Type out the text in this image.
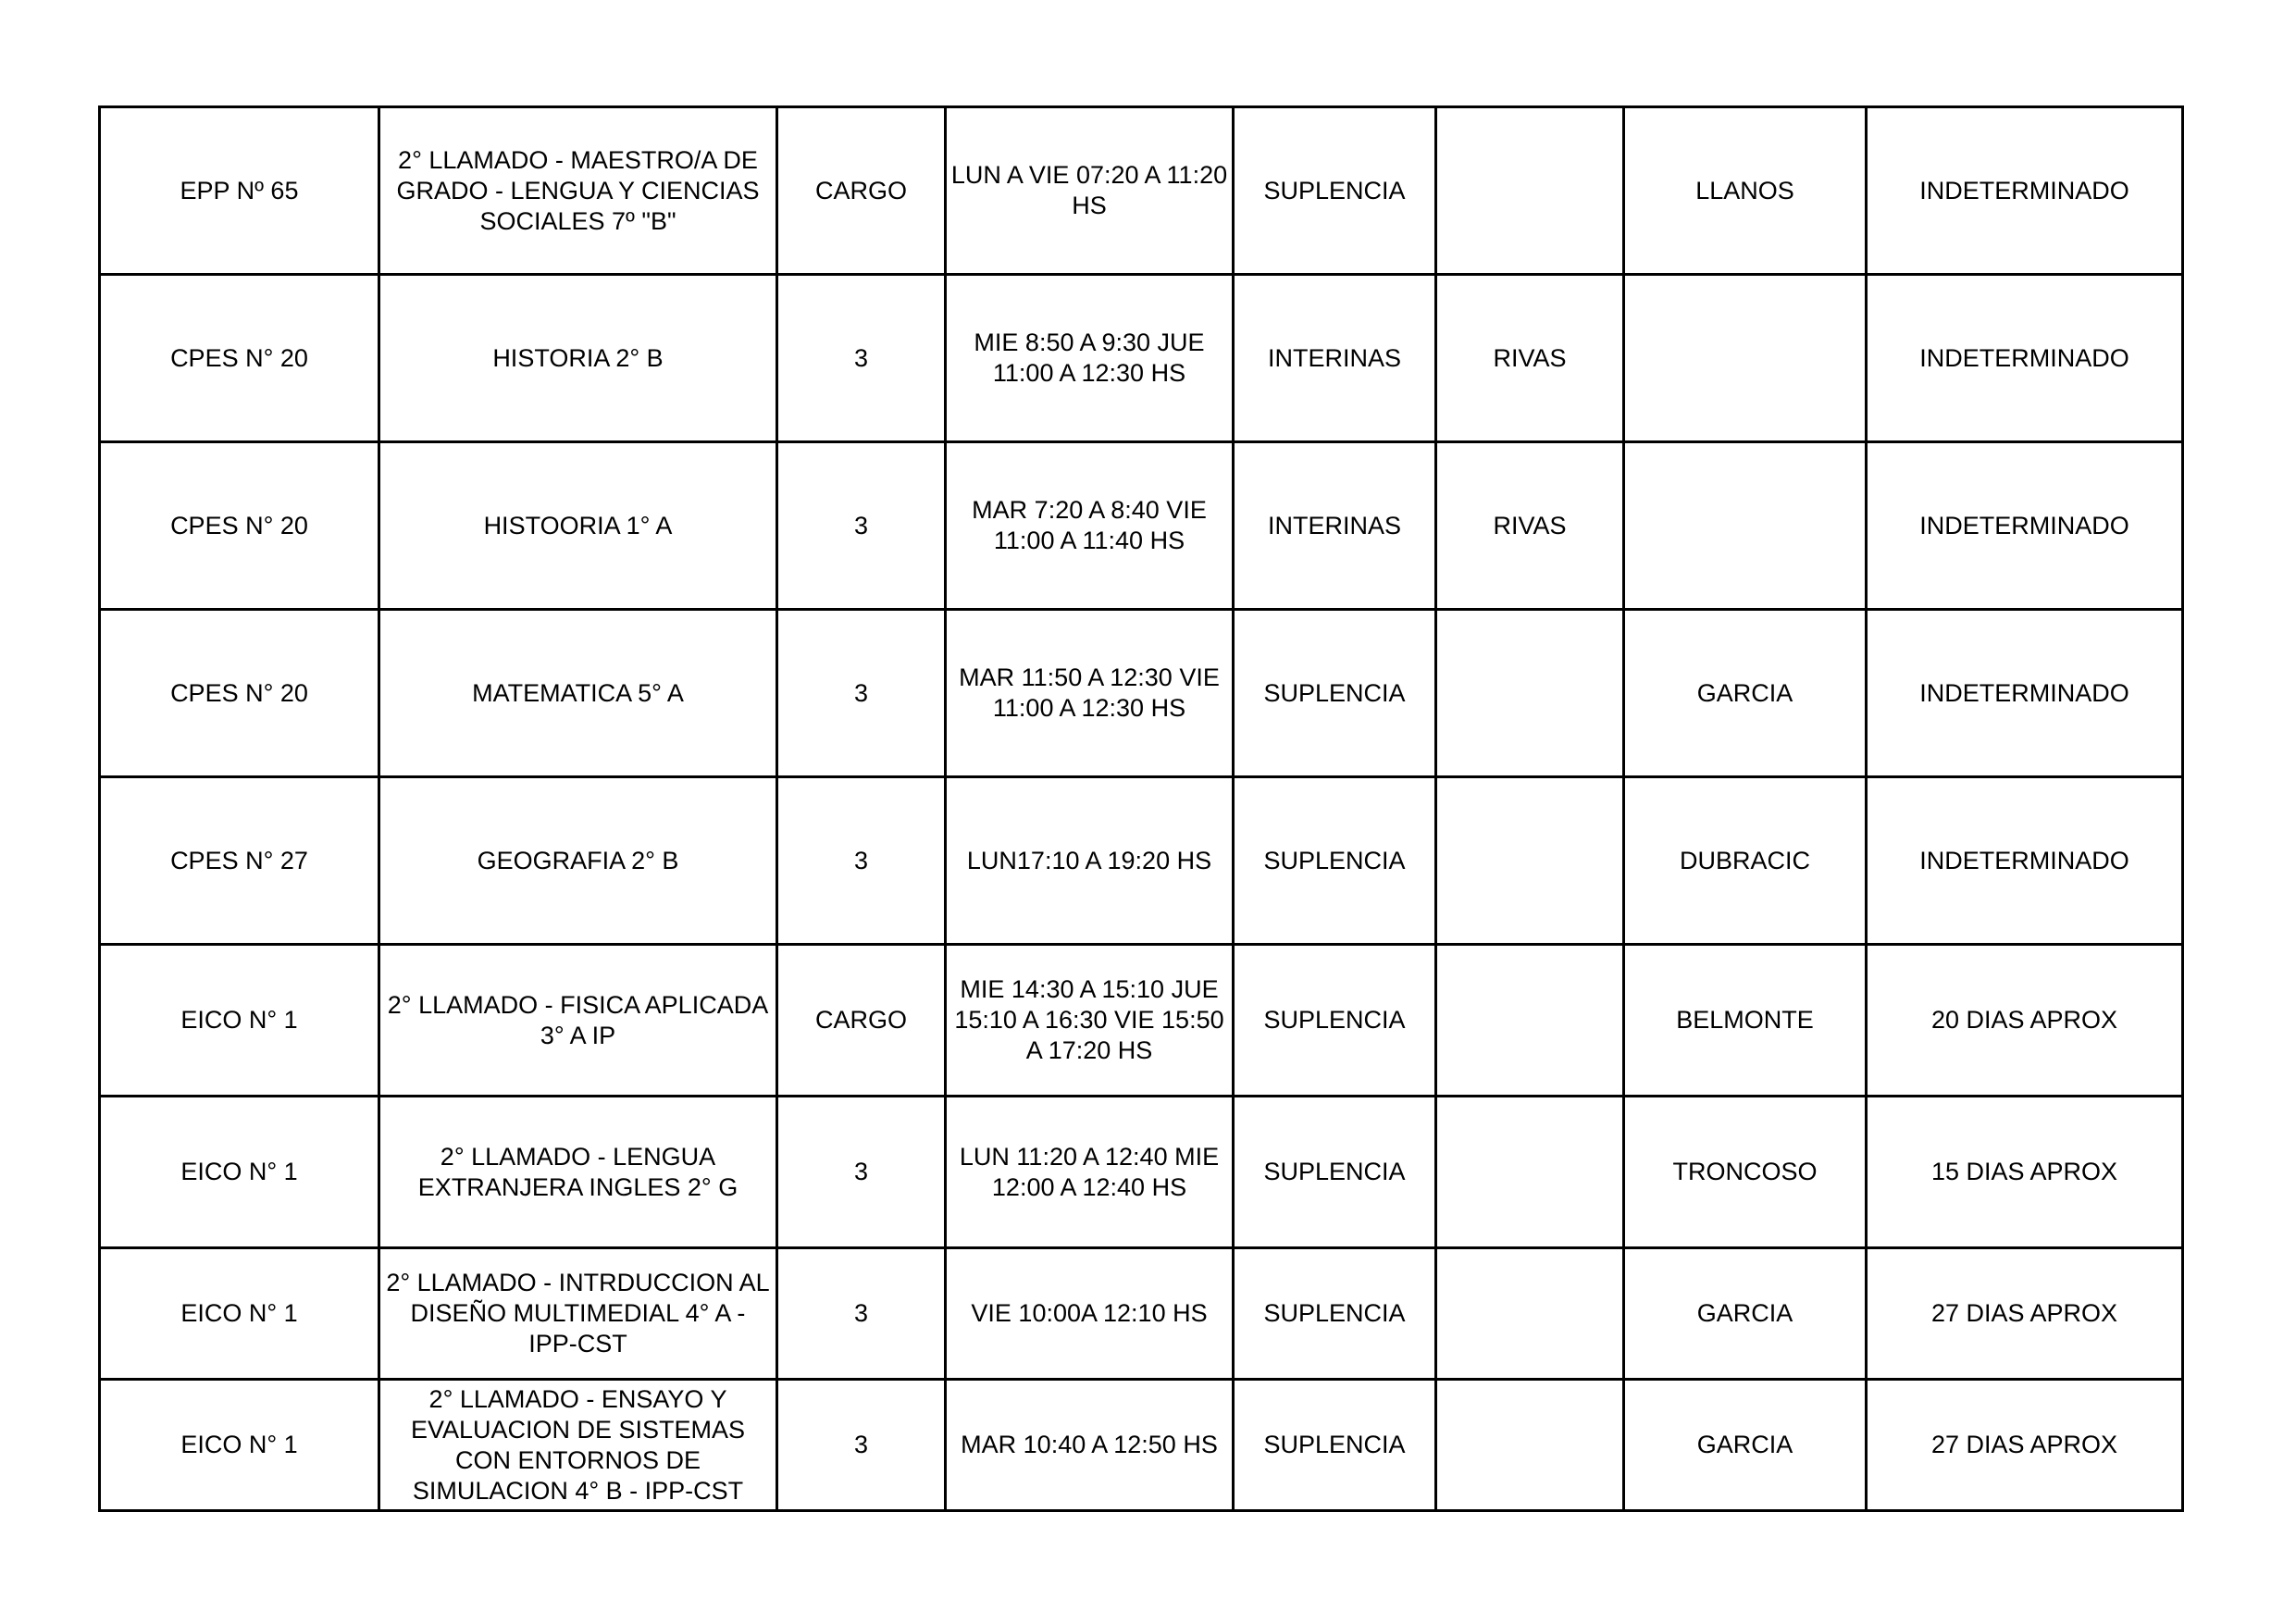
EPP Nº 65	2° LLAMADO - MAESTRO/A DE GRADO - LENGUA Y CIENCIAS SOCIALES 7º "B"	CARGO	LUN A VIE 07:20 A 11:20 HS	SUPLENCIA		LLANOS	INDETERMINADO
CPES N° 20	HISTORIA 2° B	3	MIE 8:50 A 9:30 JUE 11:00 A 12:30 HS	INTERINAS	RIVAS		INDETERMINADO
CPES N° 20	HISTOORIA 1° A	3	MAR 7:20 A 8:40 VIE 11:00 A 11:40 HS	INTERINAS	RIVAS		INDETERMINADO
CPES N° 20	MATEMATICA 5° A	3	MAR 11:50 A 12:30 VIE 11:00 A 12:30 HS	SUPLENCIA		GARCIA	INDETERMINADO
CPES N° 27	GEOGRAFIA 2° B	3	LUN17:10 A 19:20 HS	SUPLENCIA		DUBRACIC	INDETERMINADO
EICO N° 1	2° LLAMADO - FISICA APLICADA 3° A IP	CARGO	MIE 14:30 A 15:10 JUE 15:10 A 16:30 VIE 15:50 A 17:20 HS	SUPLENCIA		BELMONTE	20 DIAS APROX
EICO N° 1	2° LLAMADO - LENGUA EXTRANJERA INGLES 2° G	3	LUN 11:20 A 12:40 MIE 12:00 A 12:40 HS	SUPLENCIA		TRONCOSO	15 DIAS APROX
EICO N° 1	2° LLAMADO - INTRDUCCION AL DISEÑO MULTIMEDIAL 4° A - IPP-CST	3	VIE 10:00A 12:10 HS	SUPLENCIA		GARCIA	27 DIAS APROX
EICO N° 1	2° LLAMADO - ENSAYO Y EVALUACION DE SISTEMAS CON ENTORNOS DE SIMULACION 4° B - IPP-CST	3	MAR 10:40 A 12:50 HS	SUPLENCIA		GARCIA	27 DIAS APROX
